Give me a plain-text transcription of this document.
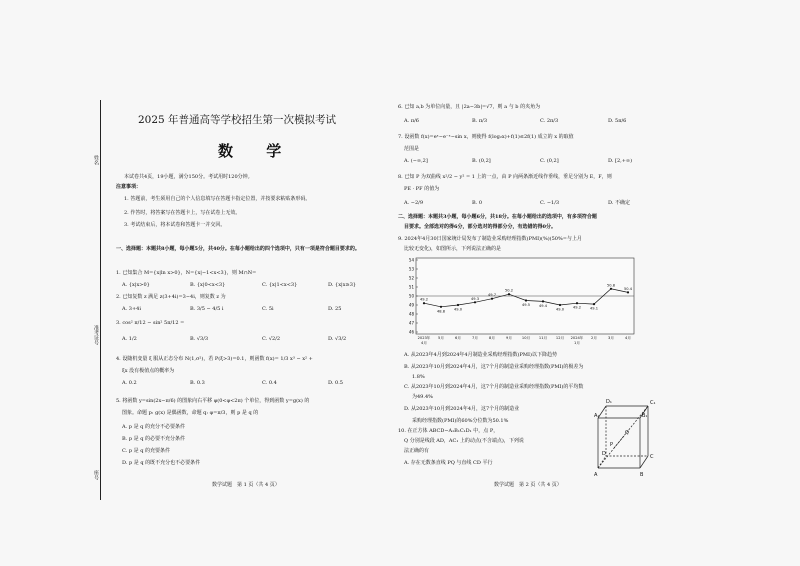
姓名
准考证号
座号
2025 年普通高等学校招生第一次模拟考试
数 学
本试卷共4页，19小题，满分150分。考试用时120分钟。
注意事项：
1. 答题前，考生须用自己的个人信息填写在答题卡指定位置，并按要求粘贴条形码。
2. 作答时，将答案写在答题卡上，写在试卷上无效。
3. 考试结束后，将本试卷和答题卡一并交回。
一、选择题：本题共8小题，每小题5分，共40分。在每小题给出的四个选项中，只有一项是符合题目要求的。
1. 已知集合 M={x|ln x>0}，N={x|−1<x<3}，则 M∩N=
A. {x|x>0}	B. {x|0<x<3}	C. {x|1<x<3}	D. {x|x≥3}
2. 已知复数 z 满足 z(3+4i)=3−4i，则复数 z 为
A. 3+4i	B. 3/5 − 4/5 i	C. 5i	D. 25
3. cos² π/12 − sin² 5π/12 =
A. 1/2	B. √3/3	C. √2/2	D. √3/2
4. 设随机变量 ξ 服从正态分布 N(1,σ²)，若 P(ξ>3)=0.1，则函数 f(x)= 1/3 x³ − x² +
ξx 没有极值点的概率为
A. 0.2	B. 0.3	C. 0.4	D. 0.5
5. 将函数 y=sin(2x−π/6) 的图象向右平移 φ(0<φ<2π) 个单位，得到函数 y=g(x) 的
图象。命题 p: g(x) 是偶函数，命题 q: φ=π/3，则 p 是 q 的
A. p 是 q 的充分不必要条件
B. p 是 q 的必要不充分条件
C. p 是 q 的充要条件
D. p 是 q 的既不充分也不必要条件
数学试题　第 1 页（共 4 页）
6. 已知 a,b 为单位向量，且 |2a−3b|=√7，则 a 与 b 的夹角为
A. π/6	B. π/3	C. 2π/3	D. 5π/6
7. 设函数 f(x)=eˣ−e⁻ˣ−sin x，则使得 f(log₂x)+f(1)≤2f(1) 成立的 x 的取值
范围是
A. (−∞,2]	B. (0,2]	C. (0,2]	D. [2,+∞)
8. 已知 P 为双曲线 x²/2 − y² = 1 上的一点，由 P 向两条渐近线作垂线，垂足分别为 E，F，则
PE · PF 的值为
A. −2/9	B. 0	C. −1/3	D. 不确定
二、选择题：本题共3小题，每小题6分，共18分。在每小题给出的选项中，有多项符合题
目要求。全部选对的得6分，部分选对的得部分分，有选错的得0分。
9. 2024年4月30日国家统计局发布了制造业采购经理指数(PMI)(%)(50%=与上月
比较无变化)，如图所示，下列说法正确的是
46
47
48
49
50
51
52
53
54
49.2
48.8 49.0
49.3
49.7
50.2
49.5 49.4
49.0 49.2 49.1
50.8
50.4
2023年
4月
5月	6月	7月	8月	9月	10月 11月 12月 2024年
1月
2月	3月	4月
A. 从2023年4月到2024年4月制造业采购经理指数(PMI)以下降趋势
B. 从2023年10月到2024年4月，这7个月的制造业采购经理指数(PMI)的极差为
1.8%
C. 从2023年10月到2024年4月，这7个月的制造业采购经理指数(PMI)的平均数
为49.4%
D. 从2023年10月到2024年4月，这7个月的制造业
采购经理指数(PMI)的60%分位数为50.1%
10. 在正方体 ABCD−A₁B₁C₁D₁ 中，点 P，
Q 分别是线段 AD，AC₁ 上的动点(不含端点)，下列说
法正确的有
A. 存在无数条直线 PQ 与直线 CD 平行
D₁	C₁
A₁	B₁
D	C
A	B
P
Q
数学试题　第 2 页（共 4 页）
